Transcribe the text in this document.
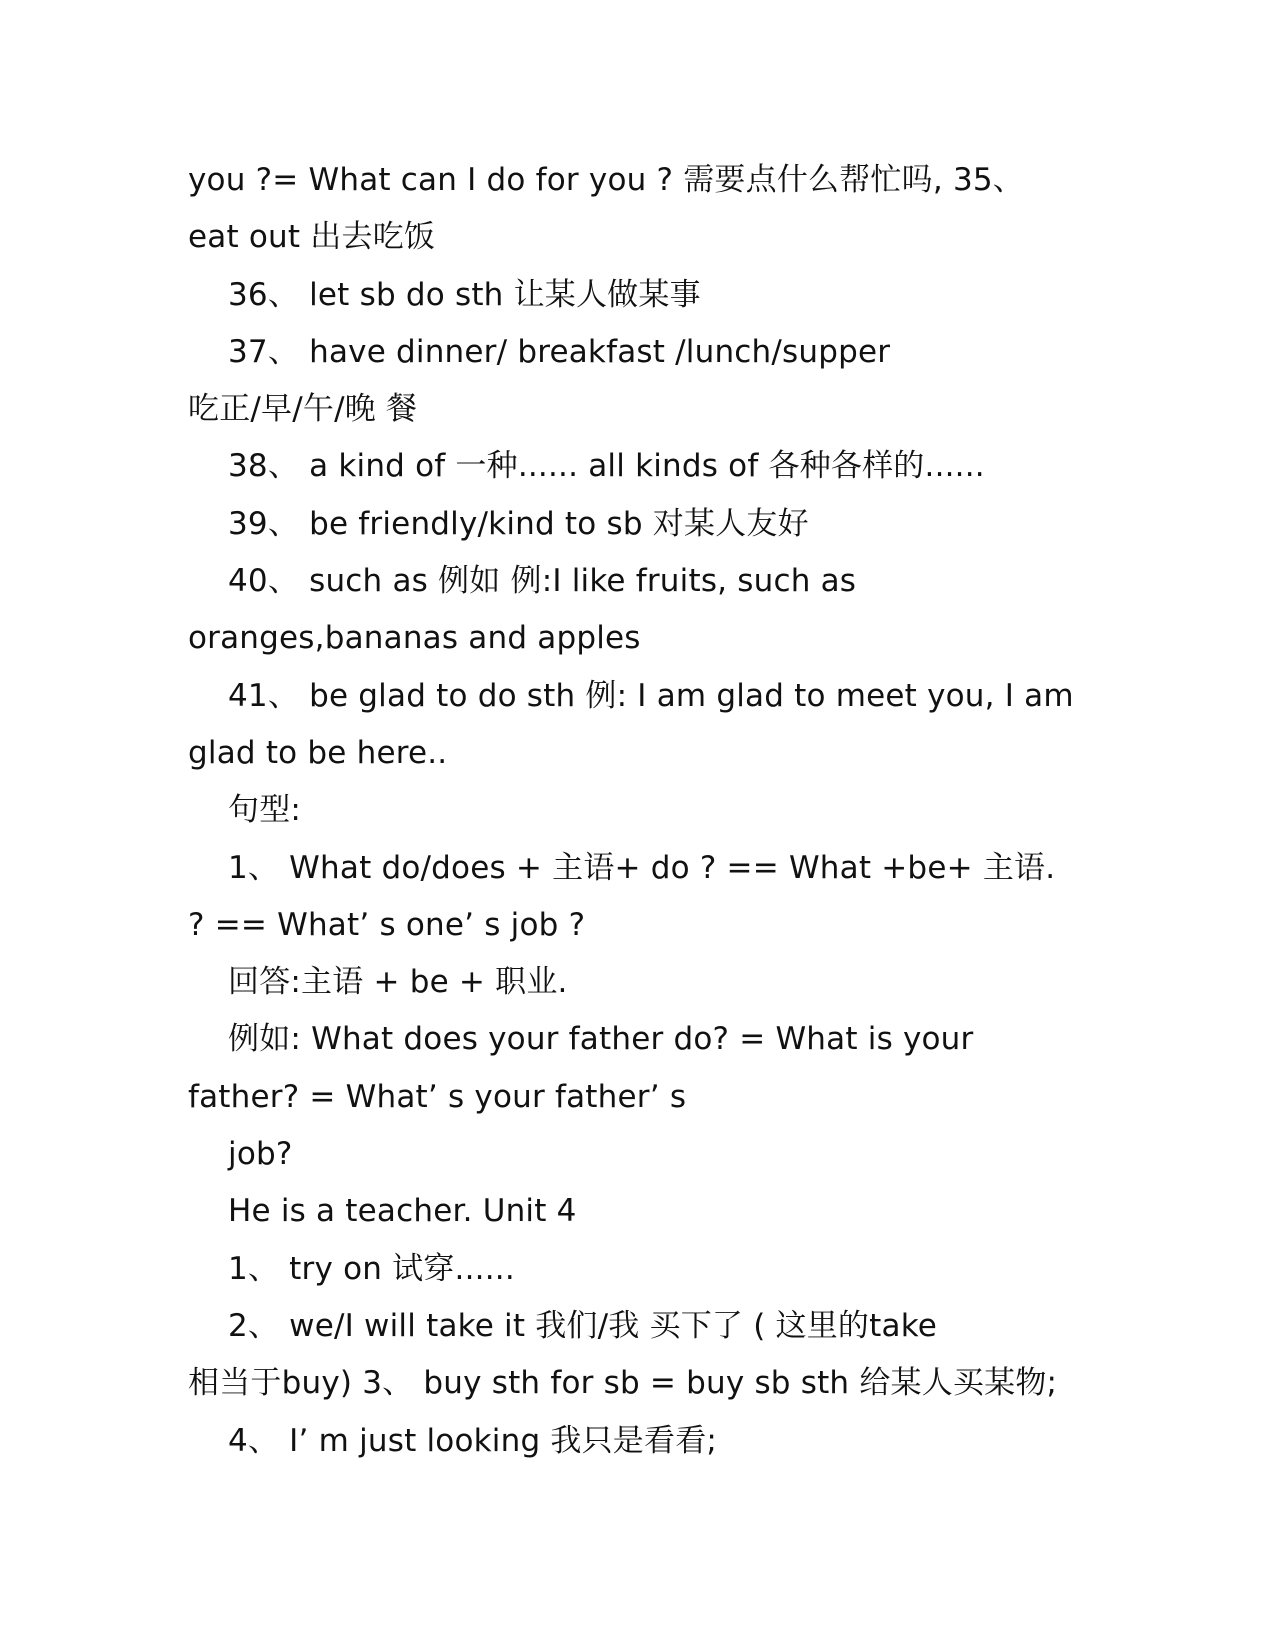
you ?= What can I do for you ? 需要点什么帮忙吗, 35、
eat out 出去吃饭
36、 let sb do sth 让某人做某事
37、 have dinner/ breakfast /lunch/supper
吃正/早/午/晚 餐
38、 a kind of 一种...... all kinds of 各种各样的......
39、 be friendly/kind to sb 对某人友好
40、 such as 例如 例:I like fruits, such as
oranges,bananas and apples
41、 be glad to do sth 例: I am glad to meet you, I am
glad to be here..
句型:
1、 What do/does + 主语+ do ? == What +be+ 主语.
? == What’ s one’ s job ?
回答:主语 + be + 职业.
例如: What does your father do? = What is your
father? = What’ s your father’ s
job?
He is a teacher. Unit 4
1、 try on 试穿......
2、 we/I will take it 我们/我 买下了 ( 这里的take
相当于buy) 3、 buy sth for sb = buy sb sth 给某人买某物;
4、 I’ m just looking 我只是看看;
